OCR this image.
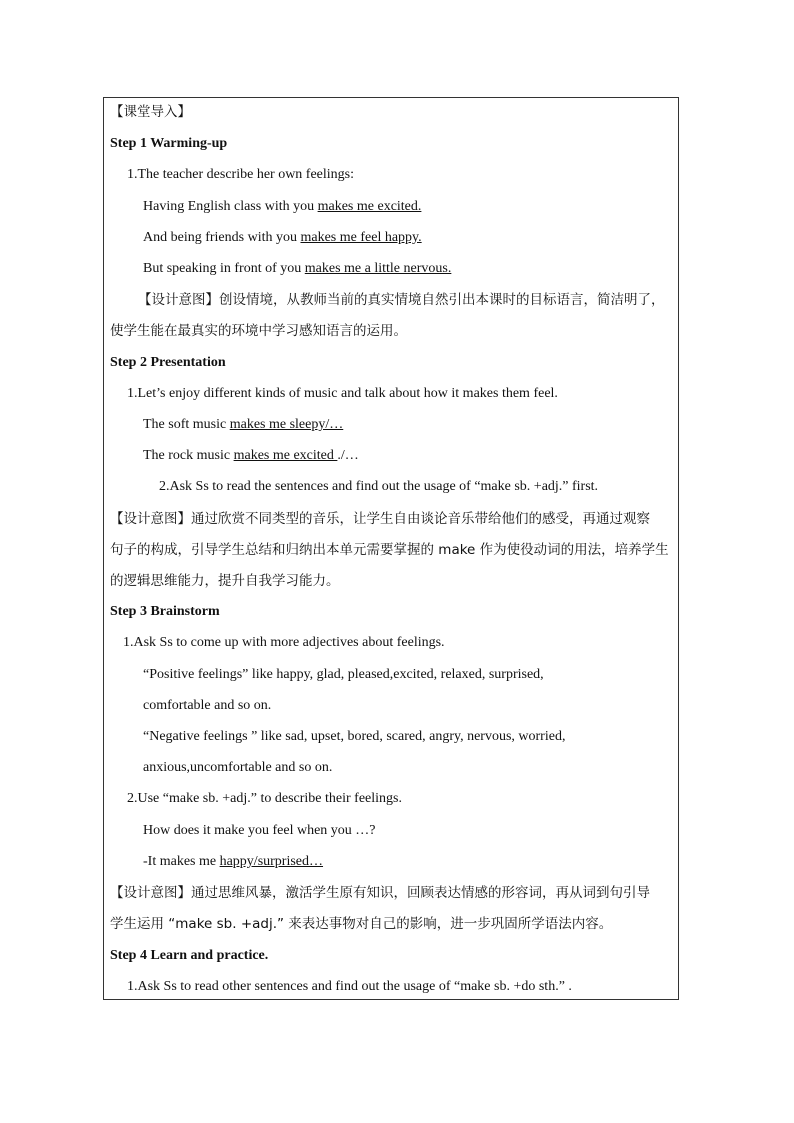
【课堂导入】
Step 1 Warming-up
1.The teacher describe her own feelings:
Having English class with you makes me excited.
And being friends with you makes me feel happy.
But speaking in front of you makes me a little nervous.
【设计意图】创设情境，从教师当前的真实情境自然引出本课时的目标语言，简洁明了，
使学生能在最真实的环境中学习感知语言的运用。
Step 2 Presentation
1.Let’s enjoy different kinds of music and talk about how it makes them feel.
The soft music makes me sleepy/…
The rock music makes me excited ./…
2.Ask Ss to read the sentences and find out the usage of “make sb. +adj.” first.
【设计意图】通过欣赏不同类型的音乐，让学生自由谈论音乐带给他们的感受，再通过观察
句子的构成，引导学生总结和归纳出本单元需要掌握的 make 作为使役动词的用法，培养学生
的逻辑思维能力，提升自我学习能力。
Step 3 Brainstorm
1.Ask Ss to come up with more adjectives about feelings.
“Positive feelings” like happy, glad, pleased,excited, relaxed, surprised,
comfortable and so on.
“Negative feelings ” like sad, upset, bored, scared, angry, nervous, worried,
anxious,uncomfortable and so on.
2.Use “make sb. +adj.” to describe their feelings.
How does it make you feel when you …?
-It makes me happy/surprised…
【设计意图】通过思维风暴，激活学生原有知识，回顾表达情感的形容词，再从词到句引导
学生运用 “make sb. +adj.” 来表达事物对自己的影响，进一步巩固所学语法内容。
Step 4 Learn and practice.
1.Ask Ss to read other sentences and find out the usage of “make sb. +do sth.” .
